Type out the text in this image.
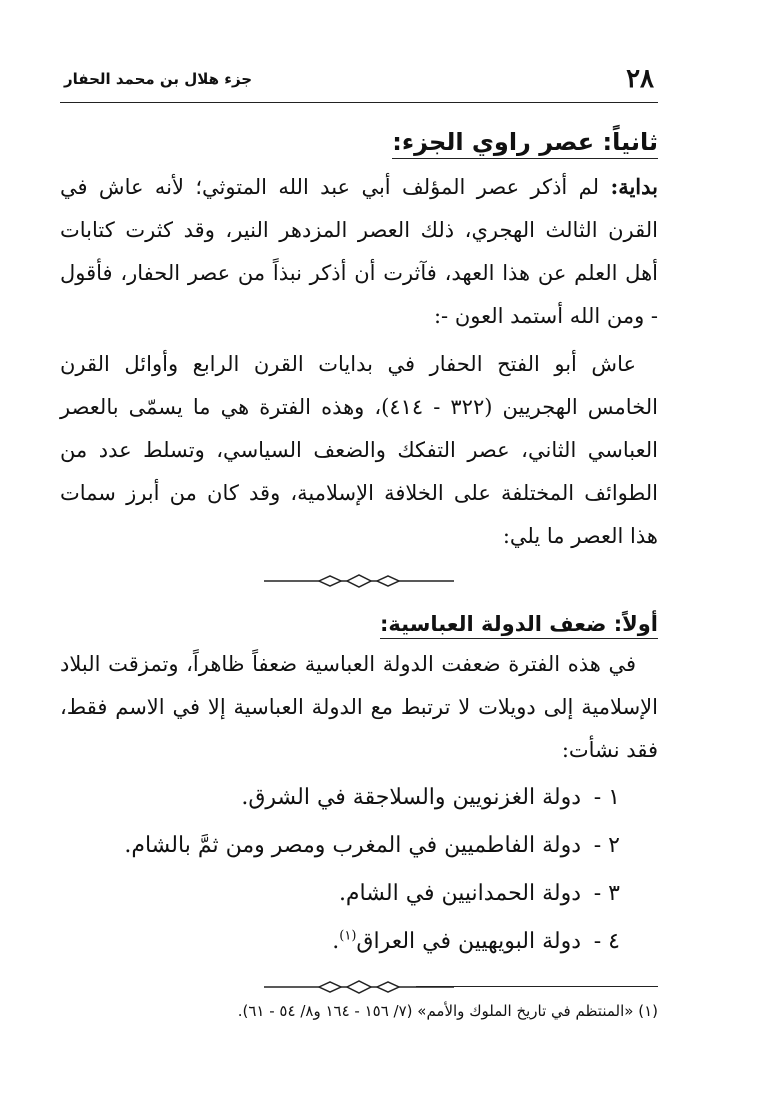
٢٨
جزء هلال بن محمد الحفار
ثانياً: عصر راوي الجزء:

بداية: لم أذكر عصر المؤلف أبي عبد الله المتوثي؛ لأنه عاش في القرن الثالث الهجري، ذلك العصر المزدهر النير، وقد كثرت كتابات أهل العلم عن هذا العهد، فآثرت أن أذكر نبذاً من عصر الحفار، فأقول - ومن الله أستمد العون -:

عاش أبو الفتح الحفار في بدايات القرن الرابع وأوائل القرن الخامس الهجريين (٣٢٢ - ٤١٤)، وهذه الفترة هي ما يسمّى بالعصر العباسي الثاني، عصر التفكك والضعف السياسي، وتسلط عدد من الطوائف المختلفة على الخلافة الإسلامية، وقد كان من أبرز سمات هذا العصر ما يلي:

أولاً: ضعف الدولة العباسية:

في هذه الفترة ضعفت الدولة العباسية ضعفاً ظاهراً، وتمزقت البلاد الإسلامية إلى دويلات لا ترتبط مع الدولة العباسية إلا في الاسم فقط، فقد نشأت:

١ - دولة الغزنويين والسلاجقة في الشرق.
٢ - دولة الفاطميين في المغرب ومصر ومن ثمَّ بالشام.
٣ - دولة الحمدانيين في الشام.
٤ - دولة البويهيين في العراق$^{(١)}$.
(١) «المنتظم في تاريخ الملوك والأمم» (٧/ ١٥٦ - ١٦٤ و٨/ ٥٤ - ٦١).
